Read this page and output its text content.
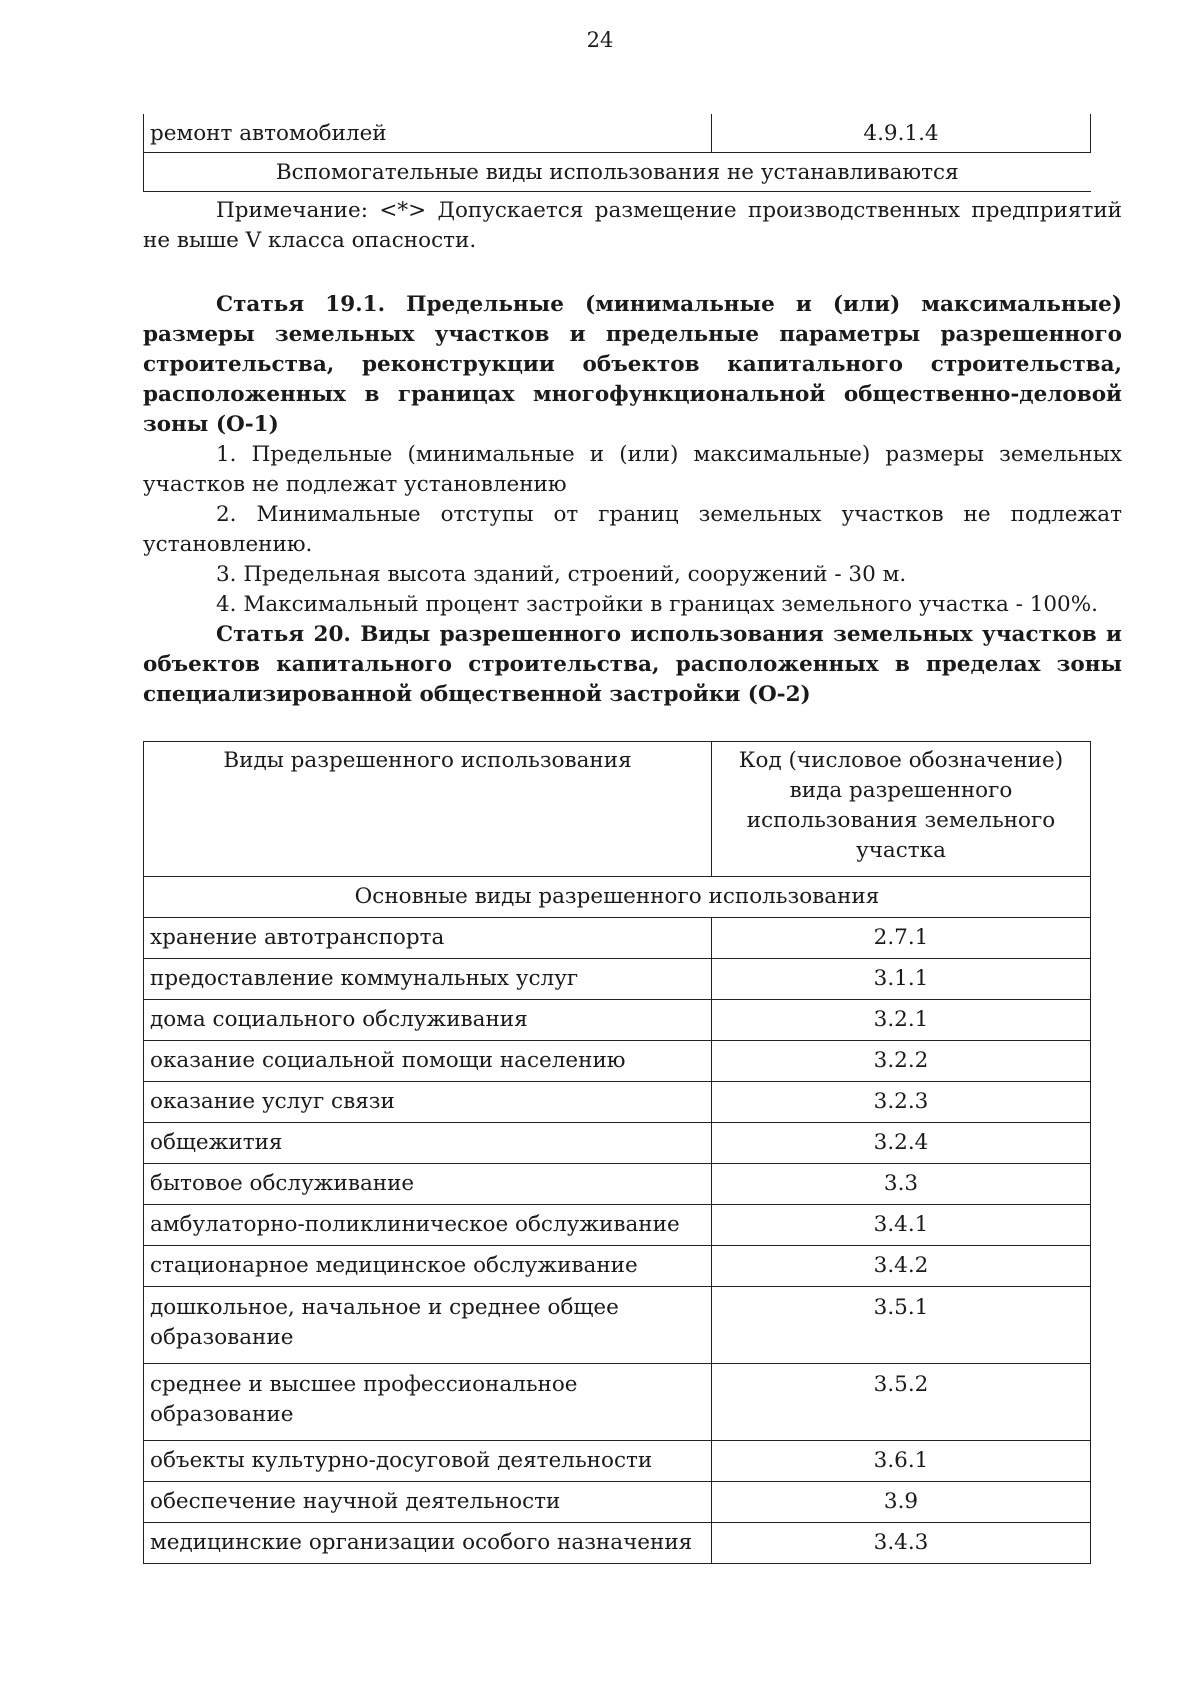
24
ремонт автомобилей	4.9.1.4
Вспомогательные виды использования не устанавливаются

Примечание: <*> Допускается размещение производственных предприятий не выше V класса опасности.

Статья 19.1. Предельные (минимальные и (или) максимальные) размеры земельных участков и предельные параметры разрешенного строительства, реконструкции объектов капитального строительства, расположенных в границах многофункциональной общественно-деловой зоны (О-1)

1. Предельные (минимальные и (или) максимальные) размеры земельных участков не подлежат установлению

2. Минимальные отступы от границ земельных участков не подлежат установлению.

3. Предельная высота зданий, строений, сооружений - 30 м.

4. Максимальный процент застройки в границах земельного участка - 100%.

Статья 20. Виды разрешенного использования земельных участков и объектов капитального строительства, расположенных в пределах зоны специализированной общественной застройки (О-2)

Виды разрешенного использования	Код (числовое обозначение) вида разрешенного использования земельного участка
Основные виды разрешенного использования	
хранение автотранспорта	2.7.1
предоставление коммунальных услуг	3.1.1
дома социального обслуживания	3.2.1
оказание социальной помощи населению	3.2.2
оказание услуг связи	3.2.3
общежития	3.2.4
бытовое обслуживание	3.3
амбулаторно-поликлиническое обслуживание	3.4.1
стационарное медицинское обслуживание	3.4.2
дошкольное, начальное и среднее общее образование	3.5.1
среднее и высшее профессиональное образование	3.5.2
объекты культурно-досуговой деятельности	3.6.1
обеспечение научной деятельности	3.9
медицинские организации особого назначения	3.4.3
